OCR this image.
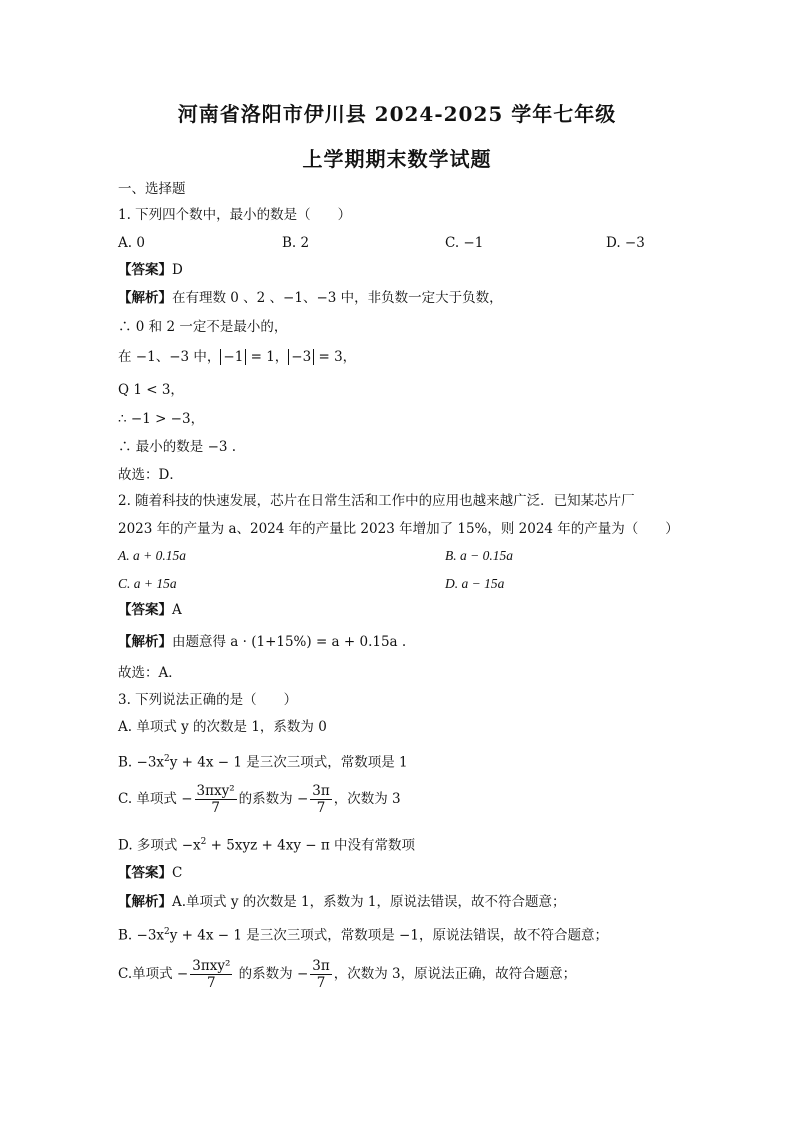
河南省洛阳市伊川县 2024-2025 学年七年级
上学期期末数学试题
一、选择题
1. 下列四个数中，最小的数是（　　）
A. 0	B. 2	C. −1	D. −3
【答案】D
【解析】在有理数 0 、2 、−1、−3 中，非负数一定大于负数，
∴ 0 和 2 一定不是最小的，
在 −1、−3 中， −1 = 1， −3 = 3，
Q 1 < 3，
∴ −1 > −3，
∴ 最小的数是 −3 .
故选：D．
2. 随着科技的快速发展，芯片在日常生活和工作中的应用也越来越广泛．已知某芯片厂
2023 年的产量为 a、2024 年的产量比 2023 年增加了 15%，则 2024 年的产量为（　　）
A. a + 0.15a	B. a − 0.15a
C. a + 15a	D. a − 15a
【答案】A
【解析】由题意得 a · (1+15%) = a + 0.15a .
故选：A．
3. 下列说法正确的是（　　）
A. 单项式 y 的次数是 1，系数为 0
B. $-3x^2y + 4x - 1$ 是三次三项式，常数项是 1
C. 单项式 − $\frac{\text{3πxy²}}{7}$ 的系数为 − $\frac{3\pi}{7}$ ，次数为 3
D. 多项式 $-x^2 + 5xyz + 4xy - \pi$ 中没有常数项
【答案】C
【解析】A.单项式 y 的次数是 1，系数为 1，原说法错误，故不符合题意；
B. $-3x^2y + 4x - 1$ 是三次三项式，常数项是 −1，原说法错误，故不符合题意；
C.单项式 − $\frac{\text{3πxy²}}{7}$ 的系数为 − $\frac{3\pi}{7}$ ，次数为 3，原说法正确，故符合题意；
